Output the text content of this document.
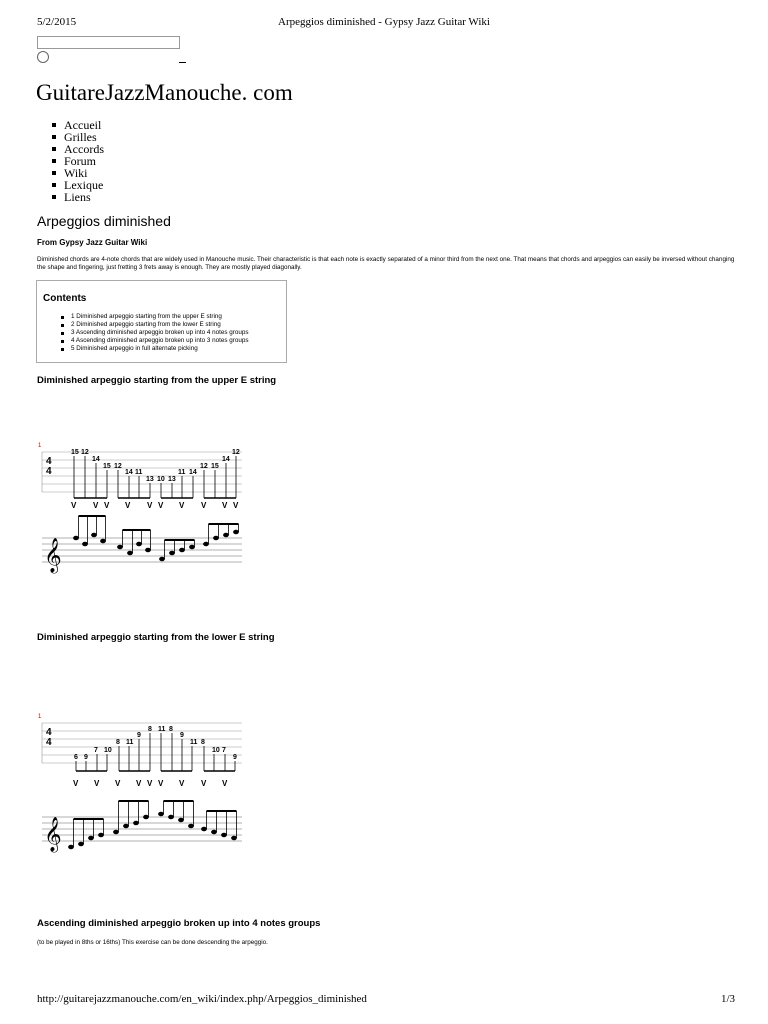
5/2/2015	Arpeggios diminished - Gypsy Jazz Guitar Wiki
GuitareJazzManouche. com
Accueil
Grilles
Accords
Forum
Wiki
Lexique
Liens
Arpeggios diminished
From Gypsy Jazz Guitar Wiki
Diminished chords are 4-note chords that are widely used in Manouche music. Their characteristic is that each note is exactly separated of a minor third from the next one. That means that chords and arpeggios can easily be inversed without changing the shape and fingering, just fretting 3 frets away is enough. They are mostly played diagonally.
Contents
1 Diminished arpeggio starting from the upper E string
2 Diminished arpeggio starting from the lower E string
3 Ascending diminished arpeggio broken up into 4 notes groups
4 Ascending diminished arpeggio broken up into 3 notes groups
5 Diminished arpeggio in full alternate picking
Diminished arpeggio starting from the upper E string
1
4
4
15 12
14
15 12
14 11
13 10 13
11 14
12 15
14
12
V V V V V V V V V V
𝄞
Diminished arpeggio starting from the lower E string
1
4
4
6 9
7 10
8 11
9
8 11 8
9
11 8
10 7
9
V V V V V V V V V
𝄞
Ascending diminished arpeggio broken up into 4 notes groups
(to be played in 8ths or 16ths) This exercise can be done descending the arpeggio.
http://guitarejazzmanouche.com/en_wiki/index.php/Arpeggios_diminished	1/3
